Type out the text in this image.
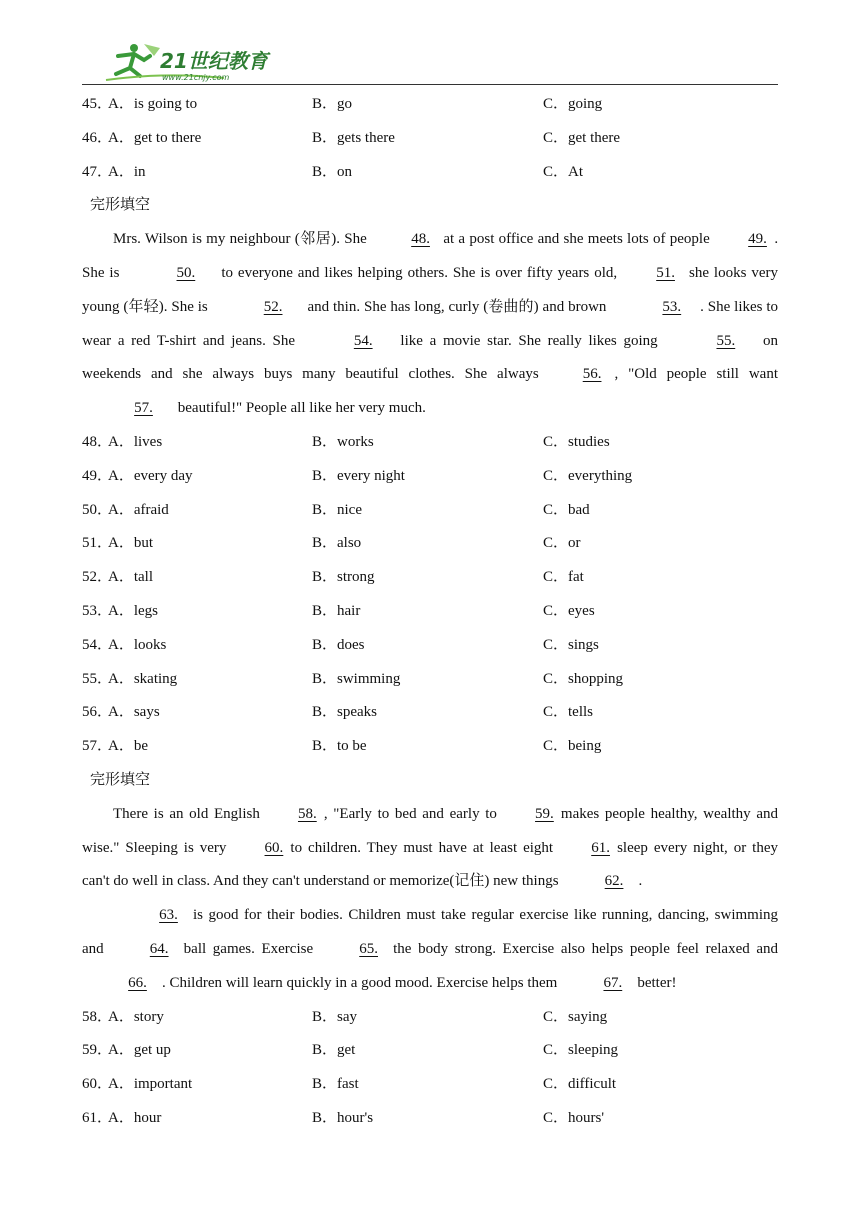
21世纪教育
www.21cnjy.com
45．
A．is going to	B．go	C．going
46．
A．get to there	B．gets there	C．get there
47．
A．in	B．on	C．At
完形填空
Mrs. Wilson is my neighbour (邻居). She	48. at a post office and she meets lots of people	49. . She is	50. to everyone and likes helping others. She is over fifty years old,	51. she looks very young (年轻). She is	52. and thin. She has long, curly (卷曲的) and brown	53. . She likes to wear a red T-shirt and jeans. She	54. like a movie star. She really likes going	55. on weekends and she always buys many beautiful clothes. She always	56. , "Old people still want 57. beautiful!" People all like her very much.
48．
A．lives	B．works	C．studies
49．
A．every day	B．every night	C．everything
50．
A．afraid	B．nice	C．bad
51．
A．but	B．also	C．or
52．
A．tall	B．strong	C．fat
53．
A．legs	B．hair	C．eyes
54．
A．looks	B．does	C．sings
55．
A．skating	B．swimming	C．shopping
56．
A．says	B．speaks	C．tells
57．
A．be	B．to be	C．being
完形填空
There is an old English	58. , "Early to bed and early to	59. makes people healthy, wealthy and wise." Sleeping is very	60. to children. They must have at least eight	61. sleep every night, or they can't do well in class. And they can't understand or memorize(记住) new things	62. .
63. is good for their bodies. Children must take regular exercise like running, dancing, swimming and	64. ball games. Exercise	65. the body strong. Exercise also helps people feel relaxed and66. . Children will learn quickly in a good mood. Exercise helps them	67. better!
58．
A．story	B．say	C．saying
59．
A．get up	B．get	C．sleeping
60．
A．important	B．fast	C．difficult
61．
A．hour	B．hour's	C．hours'
